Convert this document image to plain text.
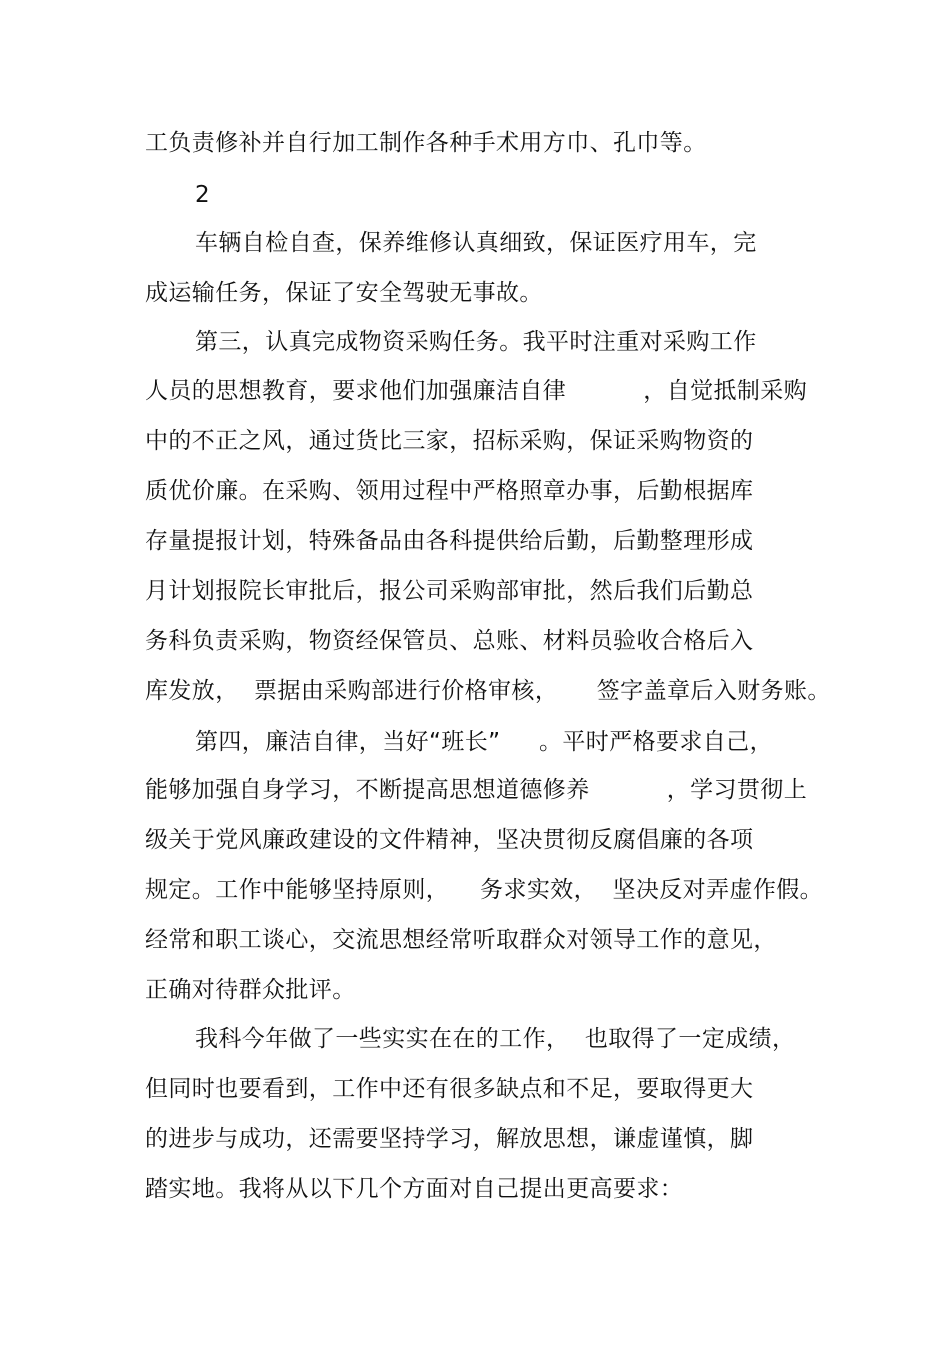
工负责修补并自行加工制作各种手术用方巾、孔巾等。
2
车辆自检自查，保养维修认真细致，保证医疗用车，完
成运输任务，保证了安全驾驶无事故。
第三，认真完成物资采购任务。我平时注重对采购工作
人员的思想教育，要求他们加强廉洁自律          ，自觉抵制采购
中的不正之风，通过货比三家，招标采购，保证采购物资的
质优价廉。在采购、领用过程中严格照章办事，后勤根据库
存量提报计划，特殊备品由各科提供给后勤，后勤整理形成
月计划报院长审批后，报公司采购部审批，然后我们后勤总
务科负责采购，物资经保管员、总账、材料员验收合格后入
库发放，  票据由采购部进行价格审核，     签字盖章后入财务账。
第四，廉洁自律，当好“班长”     。平时严格要求自己，
能够加强自身学习，不断提高思想道德修养          ，学习贯彻上
级关于党风廉政建设的文件精神，坚决贯彻反腐倡廉的各项
规定。工作中能够坚持原则，    务求实效，  坚决反对弄虚作假。
经常和职工谈心，交流思想经常听取群众对领导工作的意见，
正确对待群众批评。
我科今年做了一些实实在在的工作，  也取得了一定成绩，
但同时也要看到，工作中还有很多缺点和不足，要取得更大
的进步与成功，还需要坚持学习，解放思想，谦虚谨慎，脚
踏实地。我将从以下几个方面对自己提出更高要求：
